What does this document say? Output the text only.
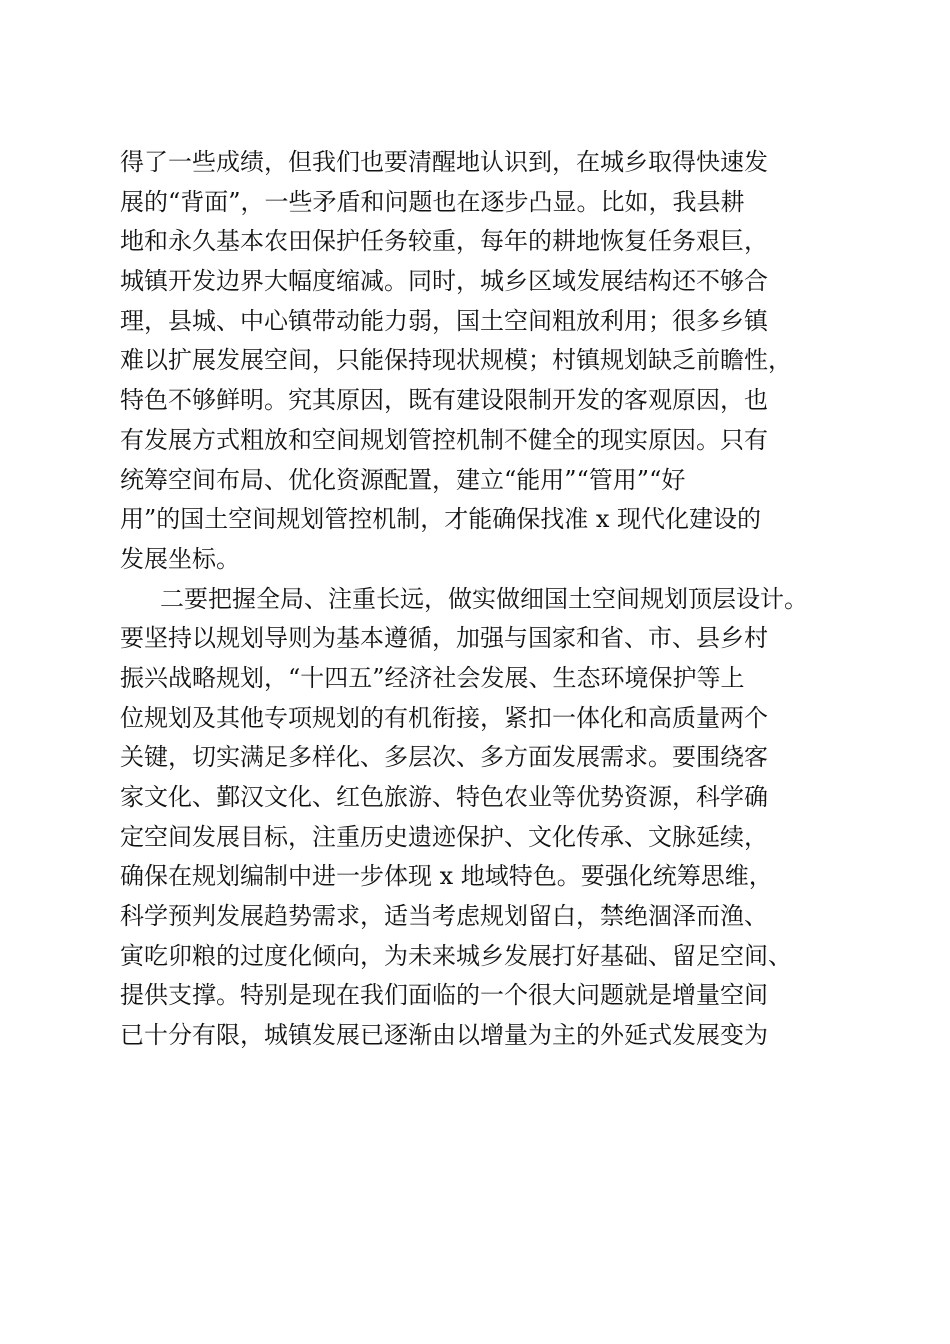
得了一些成绩，但我们也要清醒地认识到，在城乡取得快速发
展的“背面”，一些矛盾和问题也在逐步凸显。比如，我县耕
地和永久基本农田保护任务较重，每年的耕地恢复任务艰巨，
城镇开发边界大幅度缩减。同时，城乡区域发展结构还不够合
理，县城、中心镇带动能力弱，国土空间粗放利用；很多乡镇
难以扩展发展空间，只能保持现状规模；村镇规划缺乏前瞻性，
特色不够鲜明。究其原因，既有建设限制开发的客观原因，也
有发展方式粗放和空间规划管控机制不健全的现实原因。只有
统筹空间布局、优化资源配置，建立“能用”“管用”“好
用”的国土空间规划管控机制，才能确保找准 x 现代化建设的
发展坐标。
二要把握全局、注重长远，做实做细国土空间规划顶层设计。
要坚持以规划导则为基本遵循，加强与国家和省、市、县乡村
振兴战略规划，“十四五”经济社会发展、生态环境保护等上
位规划及其他专项规划的有机衔接，紧扣一体化和高质量两个
关键，切实满足多样化、多层次、多方面发展需求。要围绕客
家文化、鄞汉文化、红色旅游、特色农业等优势资源，科学确
定空间发展目标，注重历史遗迹保护、文化传承、文脉延续，
确保在规划编制中进一步体现 x 地域特色。要强化统筹思维，
科学预判发展趋势需求，适当考虑规划留白，禁绝涸泽而渔、
寅吃卯粮的过度化倾向，为未来城乡发展打好基础、留足空间、
提供支撑。特别是现在我们面临的一个很大问题就是增量空间
已十分有限，城镇发展已逐渐由以增量为主的外延式发展变为
